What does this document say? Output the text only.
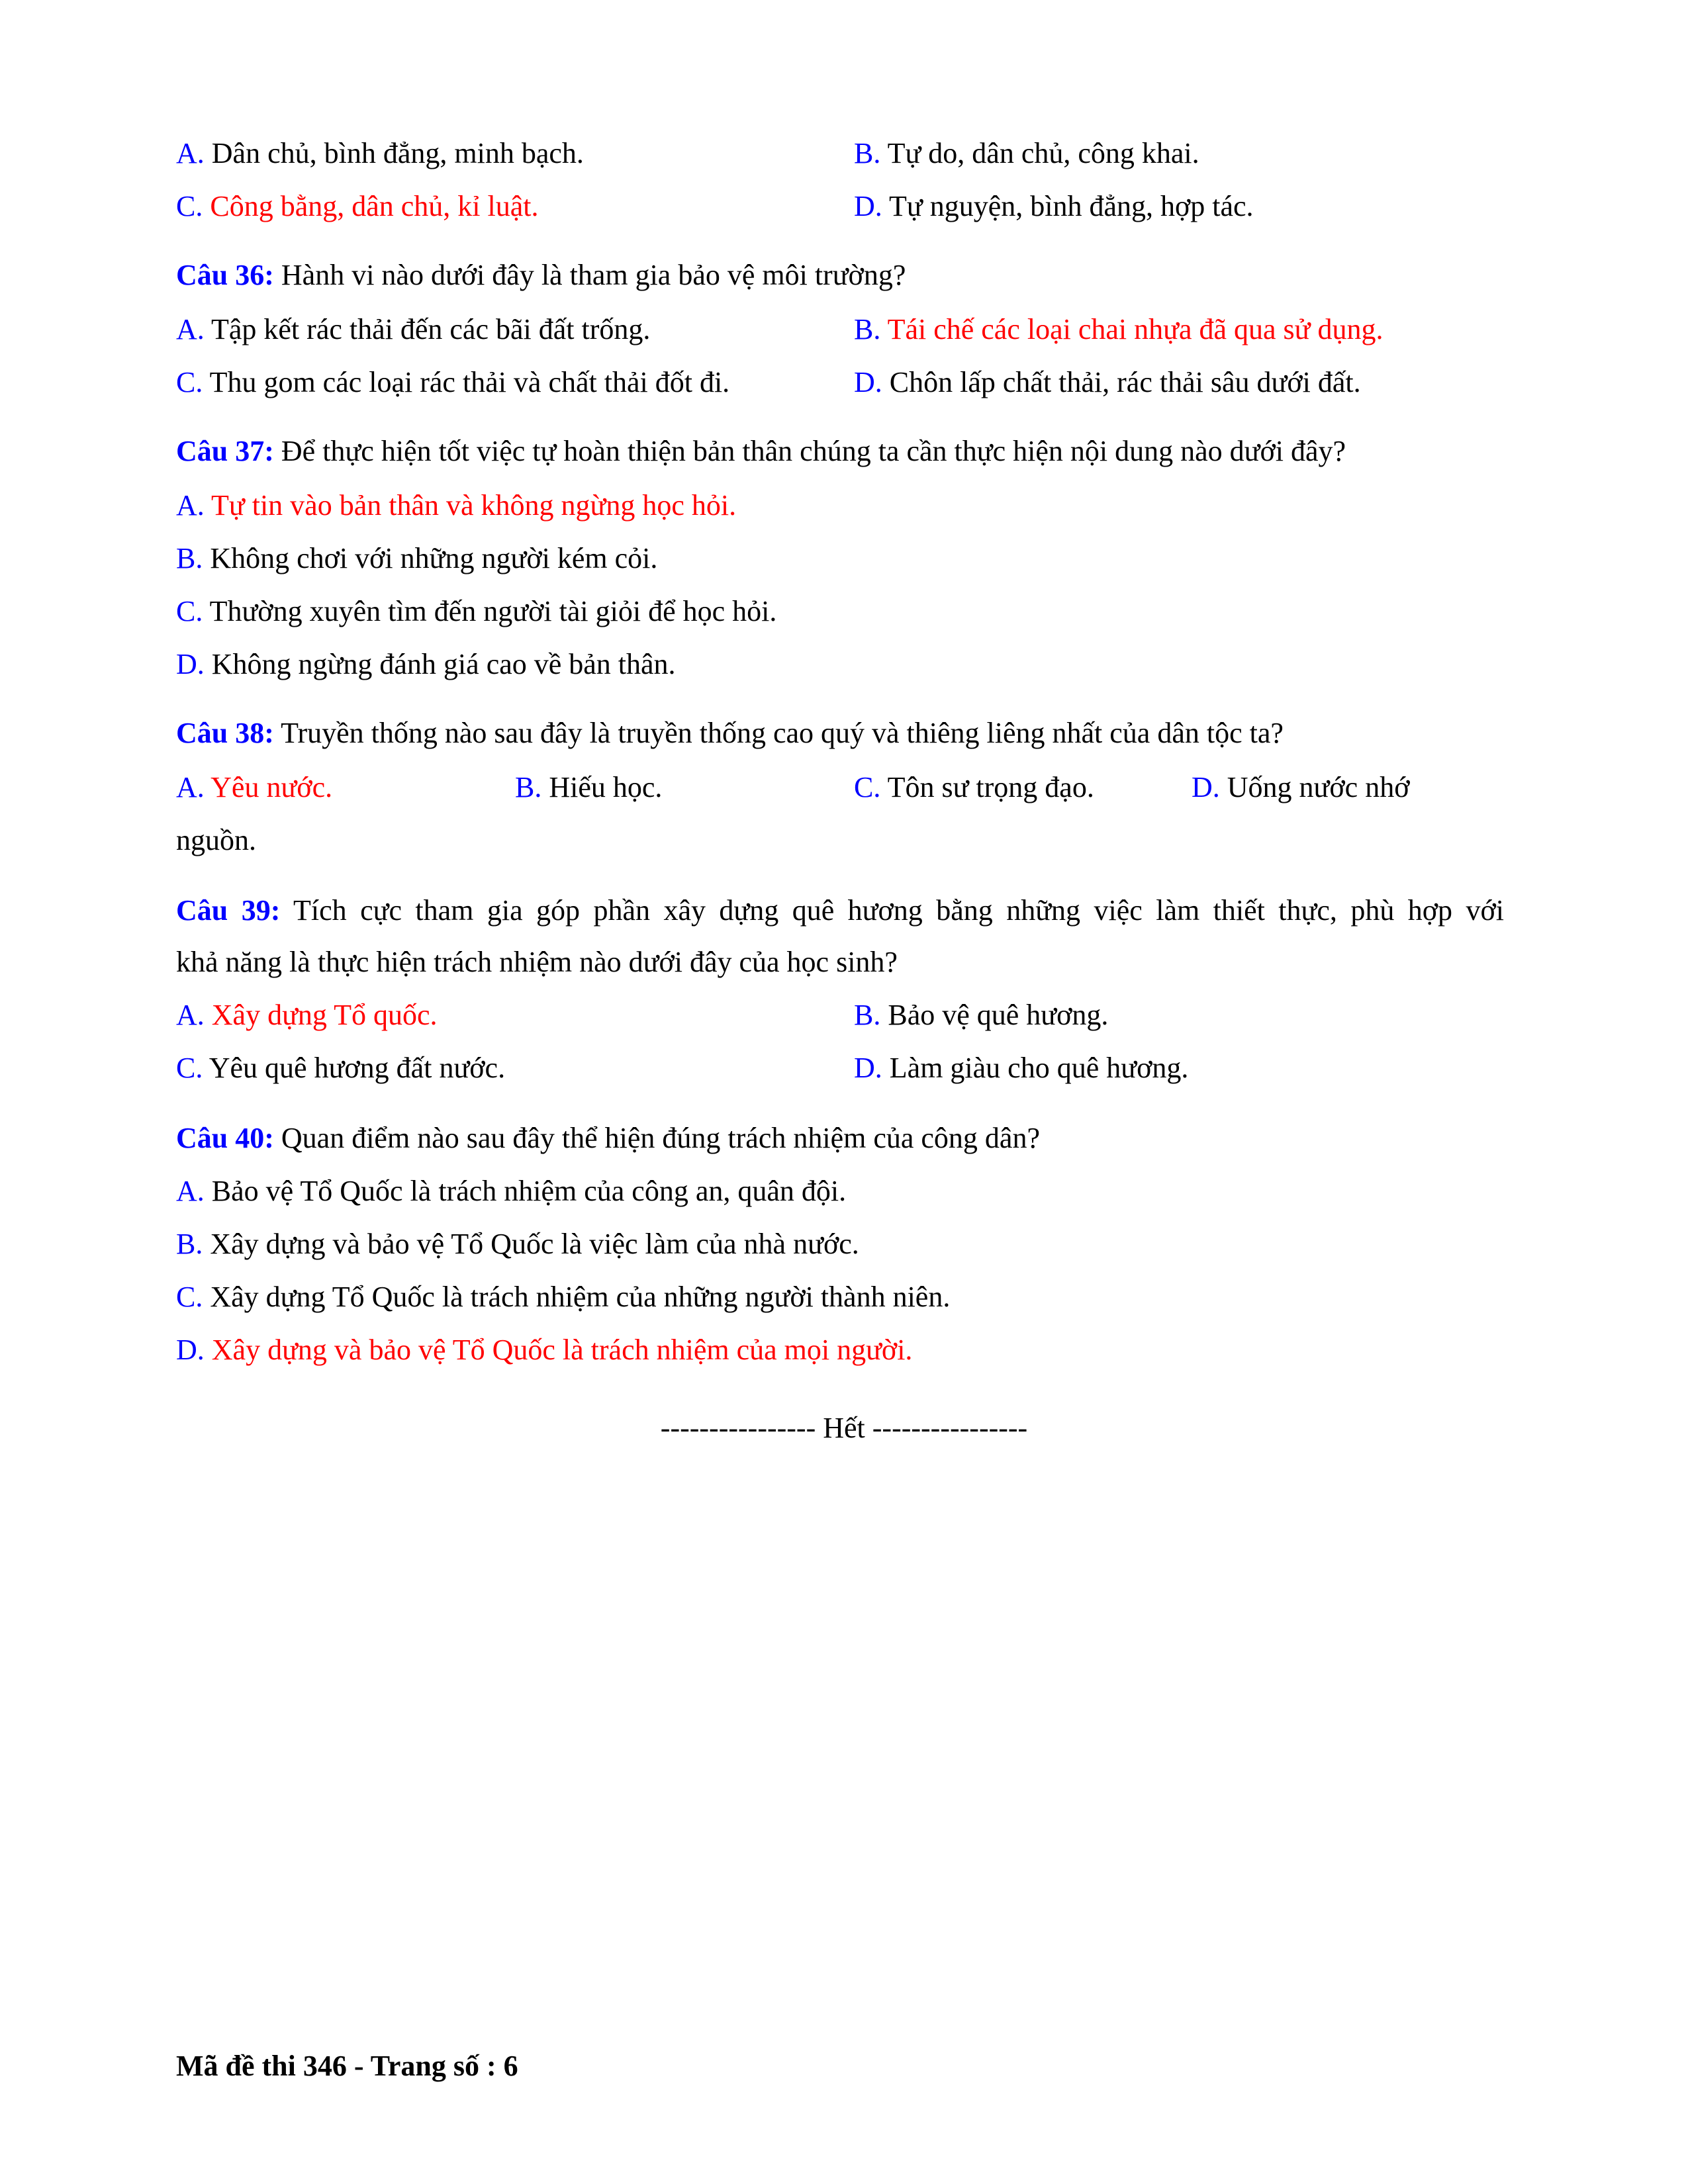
A. Dân chủ, bình đẳng, minh bạch.	B. Tự do, dân chủ, công khai.
C. Công bằng, dân chủ, kỉ luật.	D. Tự nguyện, bình đẳng, hợp tác.
Câu 36: Hành vi nào dưới đây là tham gia bảo vệ môi trường?
A. Tập kết rác thải đến các bãi đất trống.	B. Tái chế các loại chai nhựa đã qua sử dụng.
C. Thu gom các loại rác thải và chất thải đốt đi.	D. Chôn lấp chất thải, rác thải sâu dưới đất.
Câu 37: Để thực hiện tốt việc tự hoàn thiện bản thân chúng ta cần thực hiện nội dung nào dưới đây?
A. Tự tin vào bản thân và không ngừng học hỏi.
B. Không chơi với những người kém cỏi.
C. Thường xuyên tìm đến người tài giỏi để học hỏi.
D. Không ngừng đánh giá cao về bản thân.
Câu 38: Truyền thống nào sau đây là truyền thống cao quý và thiêng liêng nhất của dân tộc ta?
A. Yêu nước.	B. Hiếu học.	C. Tôn sư trọng đạo.	D. Uống nước nhớ
nguồn.
Câu 39: Tích cực tham gia góp phần xây dựng quê hương bằng những việc làm thiết thực, phù hợp với
khả năng là thực hiện trách nhiệm nào dưới đây của học sinh?
A. Xây dựng Tổ quốc.	B. Bảo vệ quê hương.
C. Yêu quê hương đất nước.	D. Làm giàu cho quê hương.
Câu 40: Quan điểm nào sau đây thể hiện đúng trách nhiệm của công dân?
A. Bảo vệ Tổ Quốc là trách nhiệm của công an, quân đội.
B. Xây dựng và bảo vệ Tổ Quốc là việc làm của nhà nước.
C. Xây dựng Tổ Quốc là trách nhiệm của những người thành niên.
D. Xây dựng và bảo vệ Tổ Quốc là trách nhiệm của mọi người.
---------------- Hết ----------------
Mã đề thi 346 - Trang số : 6
